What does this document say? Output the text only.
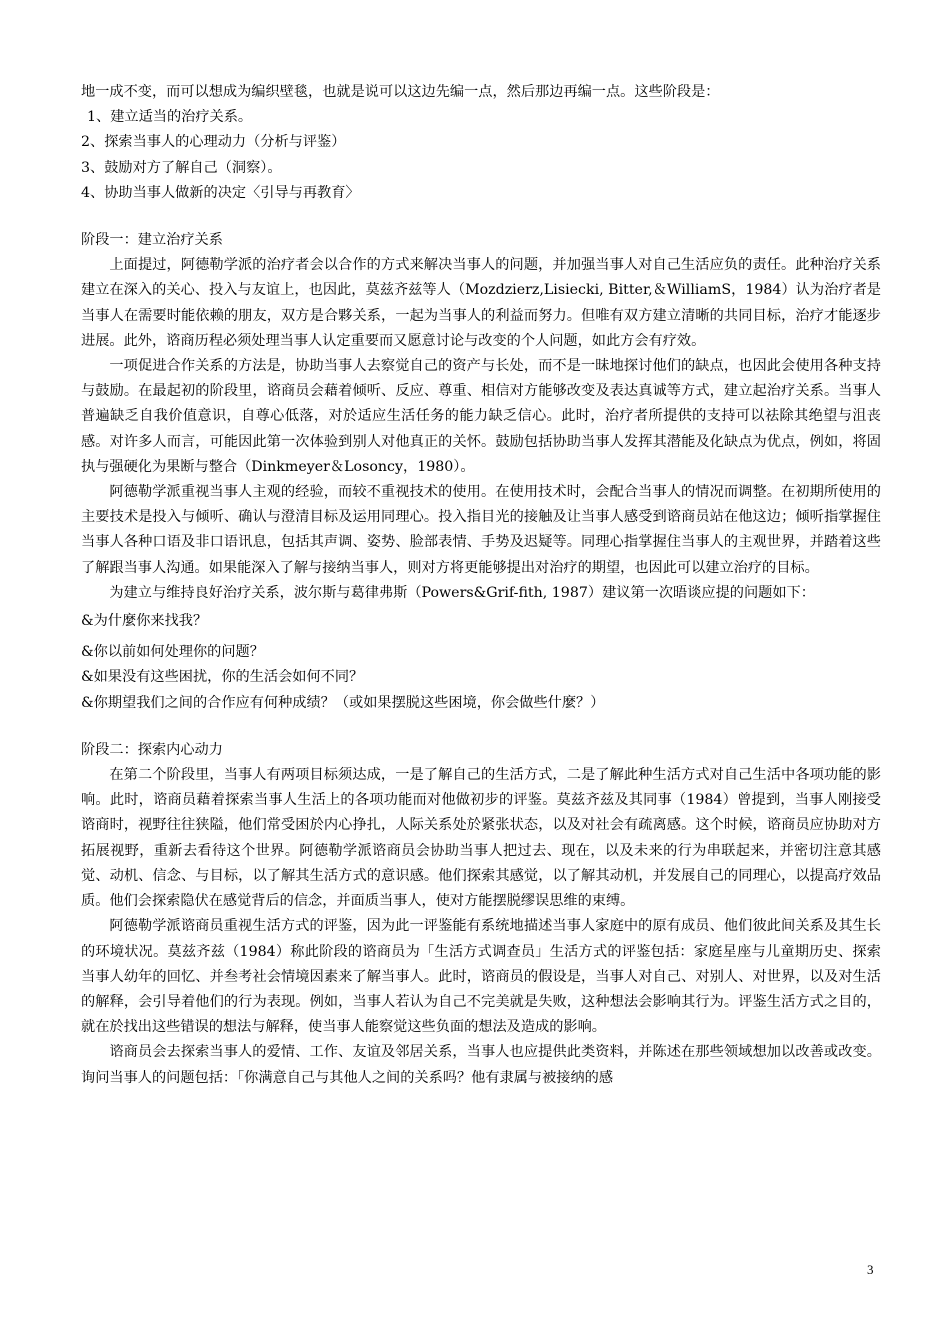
地一成不变，而可以想成为编织壁毯，也就是说可以这边先编一点，然后那边再编一点。这些阶段是：

1、建立适当的治疗关系。

2、探索当事人的心理动力（分析与评鉴）

3、鼓励对方了解自己（洞察）。

4、协助当事人做新的决定〈引导与再教育〉

阶段一：建立治疗关系

上面提过，阿德勒学派的治疗者会以合作的方式来解决当事人的问题，并加强当事人对自己生活应负的责任。此种治疗关系建立在深入的关心、投入与友谊上，也因此，莫兹齐兹等人（Mozdzierz,Lisiecki, Bitter,＆WilliamS，1984）认为治疗者是当事人在需要时能依赖的朋友，双方是合夥关系，一起为当事人的利益而努力。但唯有双方建立清晰的共同目标，治疗才能逐步进展。此外，谘商历程必须处理当事人认定重要而又愿意讨论与改变的个人问题，如此方会有疗效。

一项促进合作关系的方法是，协助当事人去察觉自己的资产与长处，而不是一昧地探讨他们的缺点，也因此会使用各种支持与鼓励。在最起初的阶段里，谘商员会藉着倾听、反应、尊重、相信对方能够改变及表达真诚等方式，建立起治疗关系。当事人普遍缺乏自我价值意识，自尊心低落，对於适应生活任务的能力缺乏信心。此时，治疗者所提供的支持可以祛除其绝望与沮丧感。对许多人而言，可能因此第一次体验到别人对他真正的关怀。鼓励包括协助当事人发挥其潜能及化缺点为优点，例如，将固执与强硬化为果断与整合（Dinkmeyer＆Losoncy，1980）。

阿德勒学派重视当事人主观的经验，而较不重视技术的使用。在使用技术时，会配合当事人的情况而调整。在初期所使用的主要技术是投入与倾听、确认与澄清目标及运用同理心。投入指目光的接触及让当事人感受到谘商员站在他这边；倾听指掌握住当事人各种口语及非口语讯息，包括其声调、姿势、脸部表情、手势及迟疑等。同理心指掌握住当事人的主观世界，并踏着这些了解跟当事人沟通。如果能深入了解与接纳当事人，则对方将更能够提出对治疗的期望，也因此可以建立治疗的目标。

为建立与维持良好治疗关系，波尔斯与葛律弗斯（Powers&Grif-fith, 1987）建议第一次晤谈应提的问题如下：

&为什麼你来找我？

&你以前如何处理你的问题？

&如果没有这些困扰，你的生活会如何不同？

&你期望我们之间的合作应有何种成绩？（或如果摆脱这些困境，你会做些什麼？）

阶段二：探索内心动力

在第二个阶段里，当事人有两项目标须达成，一是了解自己的生活方式，二是了解此种生活方式对自己生活中各项功能的影响。此时，谘商员藉着探索当事人生活上的各项功能而对他做初步的评鉴。莫兹齐兹及其同事（1984）曾提到，当事人刚接受谘商时，视野往往狭隘，他们常受困於内心挣扎，人际关系处於紧张状态，以及对社会有疏离感。这个时候，谘商员应协助对方拓展视野，重新去看待这个世界。阿德勒学派谘商员会协助当事人把过去、现在，以及未来的行为串联起来，并密切注意其感觉、动机、信念、与目标，以了解其生活方式的意识感。他们探索其感觉，以了解其动机，并发展自己的同理心，以提高疗效品质。他们会探索隐伏在感觉背后的信念，并面质当事人，使对方能摆脱缪误思维的束缚。

阿德勒学派谘商员重视生活方式的评鉴，因为此一评鉴能有系统地描述当事人家庭中的原有成员、他们彼此间关系及其生长的环境状况。莫兹齐兹（1984）称此阶段的谘商员为「生活方式调查员」生活方式的评鉴包括：家庭星座与儿童期历史、探索当事人幼年的回忆、并叁考社会情境因素来了解当事人。此时，谘商员的假设是，当事人对自己、对别人、对世界，以及对生活的解释，会引导着他们的行为表现。例如，当事人若认为自己不完美就是失败，这种想法会影响其行为。评鉴生活方式之目的，就在於找出这些错误的想法与解释，使当事人能察觉这些负面的想法及造成的影响。

谘商员会去探索当事人的爱情、工作、友谊及邻居关系，当事人也应提供此类资料，并陈述在那些领域想加以改善或改变。询问当事人的问题包括：「你满意自己与其他人之间的关系吗？他有隶属与被接纳的感

3
